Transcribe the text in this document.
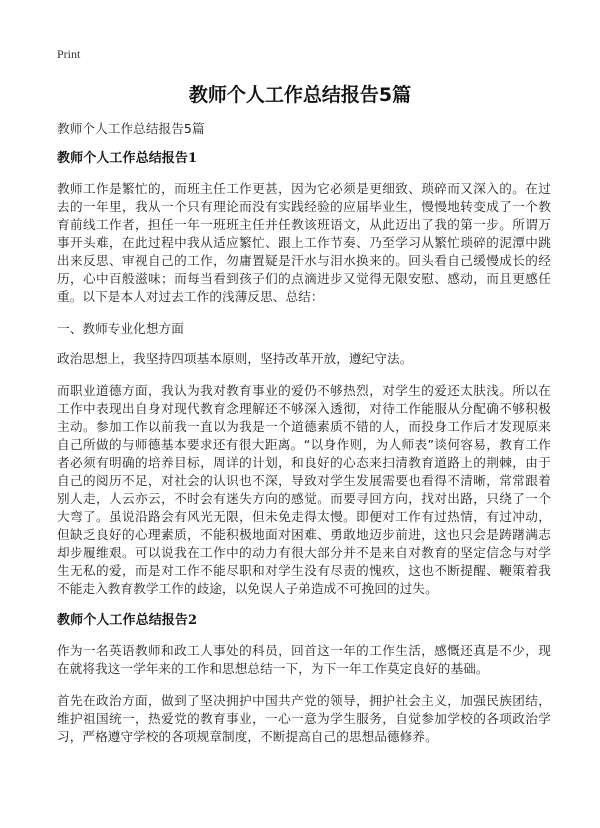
Print
教师个人工作总结报告5篇

教师个人工作总结报告5篇

教师个人工作总结报告1

教师工作是繁忙的，而班主任工作更甚，因为它必须是更细致、琐碎而又深入的。在过去的一年里，我从一个只有理论而没有实践经验的应届毕业生，慢慢地转变成了一个教育前线工作者，担任一年一班班主任并任教该班语文，从此迈出了我的第一步。所谓万事开头难，在此过程中我从适应繁忙、跟上工作节奏、乃至学习从繁忙琐碎的泥潭中跳出来反思、审视自己的工作，勿庸置疑是汗水与泪水换来的。回头看自己缓慢成长的经历，心中百般滋味；而每当看到孩子们的点滴进步又觉得无限安慰、感动，而且更感任重。以下是本人对过去工作的浅薄反思、总结：

一、教师专业化想方面

政治思想上，我坚持四项基本原则，坚持改革开放，遵纪守法。

而职业道德方面，我认为我对教育事业的爱仍不够热烈，对学生的爱还太肤浅。所以在工作中表现出自身对现代教育念理解还不够深入透彻，对待工作能服从分配确不够积极主动。参加工作以前我一直以为我是一个道德素质不错的人，而投身工作后才发现原来自己所做的与师德基本要求还有很大距离。“以身作则，为人师表”谈何容易，教育工作者必须有明确的培养目标，周详的计划，和良好的心态来扫清教育道路上的荆棘，由于自己的阅历不足，对社会的认识也不深，导致对学生发展需要也看得不清晰，常常跟着别人走，人云亦云，不时会有迷失方向的感觉。而要寻回方向，找对出路，只绕了一个大弯了。虽说沿路会有风光无限，但未免走得太慢。即便对工作有过热情，有过冲动，但缺乏良好的心理素质，不能积极地面对困难、勇敢地迈步前进，这也只会是踌躇满志却步履维艰。可以说我在工作中的动力有很大部分并不是来自对教育的坚定信念与对学生无私的爱，而是对工作不能尽职和对学生没有尽责的愧疚，这也不断提醒、鞭策着我不能走入教育教学工作的歧途，以免误人子弟造成不可挽回的过失。

教师个人工作总结报告2

作为一名英语教师和政工人事处的科员，回首这一年的工作生活，感慨还真是不少，现在就将我这一学年来的工作和思想总结一下，为下一年工作莫定良好的基础。

首先在政治方面，做到了坚决拥护中国共产党的领导，拥护社会主义，加强民族团结，维护祖国统一，热爱党的教育事业，一心一意为学生服务，自觉参加学校的各项政治学习，严格遵守学校的各项规章制度，不断提高自己的思想品德修养。
